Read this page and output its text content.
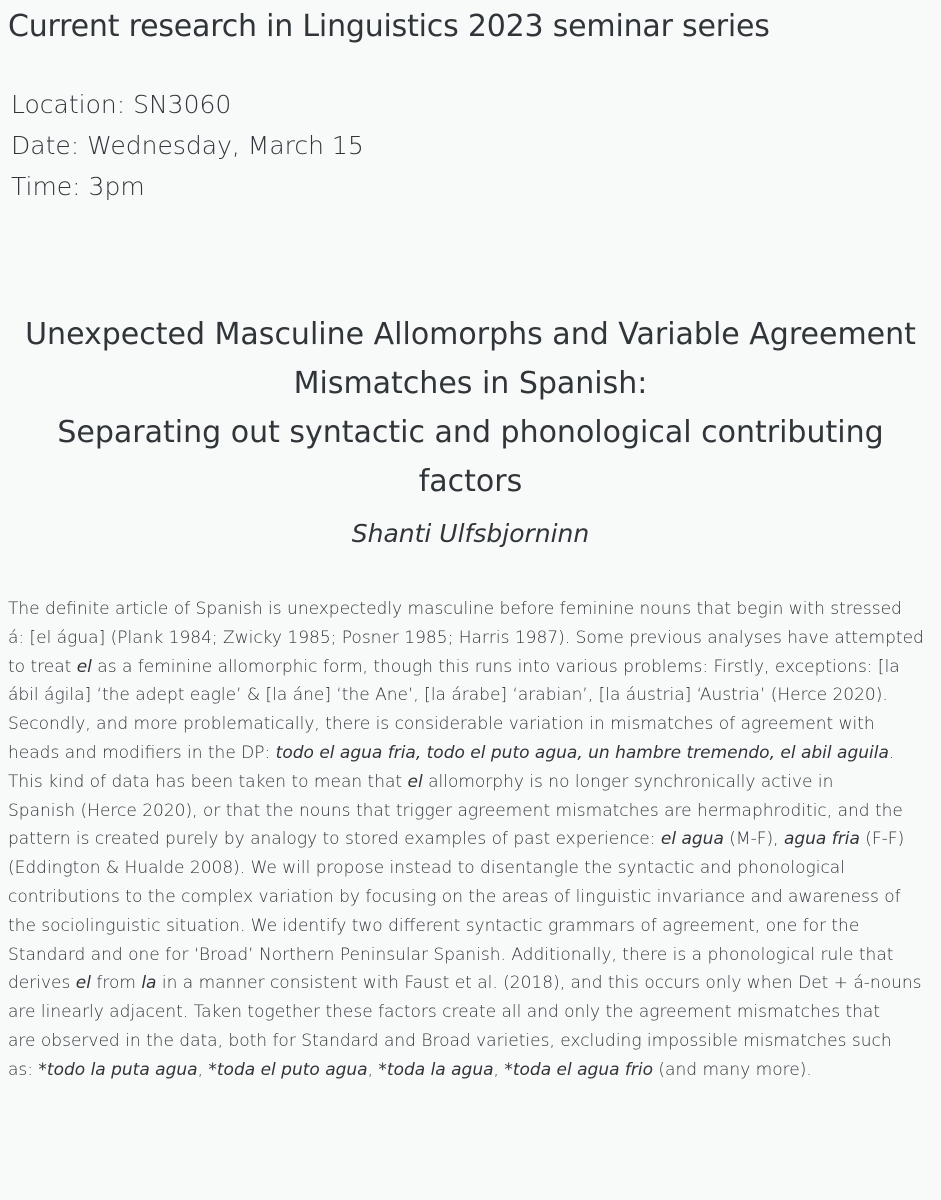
Current research in Linguistics 2023 seminar series
Location: SN3060
Date: Wednesday, March 15
Time: 3pm
Unexpected Masculine Allomorphs and Variable Agreement
Mismatches in Spanish:
Separating out syntactic and phonological contributing
factors
Shanti Ulfsbjorninn
The definite article of Spanish is unexpectedly masculine before feminine nouns that begin with stressed
á: [el água] (Plank 1984; Zwicky 1985; Posner 1985; Harris 1987). Some previous analyses have attempted
to treat el as a feminine allomorphic form, though this runs into various problems: Firstly, exceptions: [la
ábil ágila] ‘the adept eagle’ & [la áne] ‘the Ane’, [la árabe] ‘arabian’, [la áustria] ‘Austria’ (Herce 2020).
Secondly, and more problematically, there is considerable variation in mismatches of agreement with
heads and modifiers in the DP: todo el agua fria, todo el puto agua, un hambre tremendo, el abil aguila.
This kind of data has been taken to mean that el allomorphy is no longer synchronically active in
Spanish (Herce 2020), or that the nouns that trigger agreement mismatches are hermaphroditic, and the
pattern is created purely by analogy to stored examples of past experience: el agua (M-F), agua fria (F-F)
(Eddington & Hualde 2008). We will propose instead to disentangle the syntactic and phonological
contributions to the complex variation by focusing on the areas of linguistic invariance and awareness of
the sociolinguistic situation. We identify two different syntactic grammars of agreement, one for the
Standard and one for ‘Broad’ Northern Peninsular Spanish. Additionally, there is a phonological rule that
derives el from la in a manner consistent with Faust et al. (2018), and this occurs only when Det + á-nouns
are linearly adjacent. Taken together these factors create all and only the agreement mismatches that
are observed in the data, both for Standard and Broad varieties, excluding impossible mismatches such
as: *todo la puta agua, *toda el puto agua, *toda la agua, *toda el agua frio (and many more).
